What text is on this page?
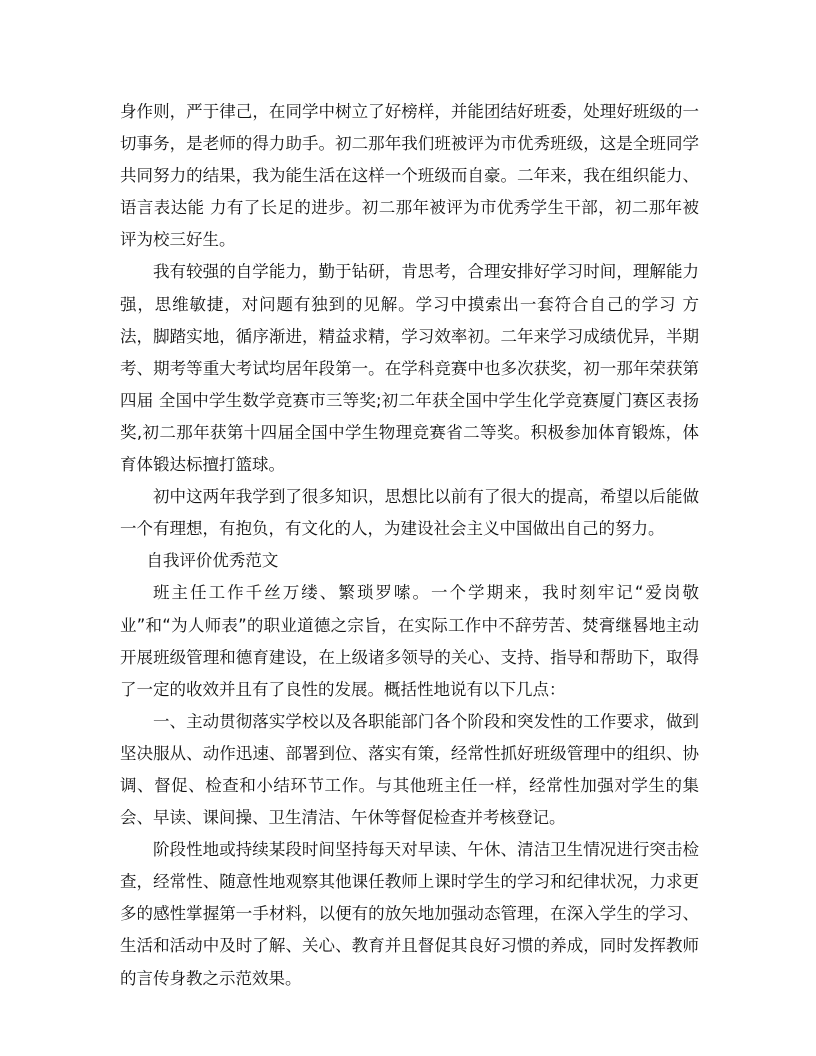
身作则，严于律己，在同学中树立了好榜样，并能团结好班委，处理好班级的一切事务，是老师的得力助手。初二那年我们班被评为市优秀班级，这是全班同学共同努力的结果，我为能生活在这样一个班级而自豪。二年来，我在组织能力、语言表达能 力有了长足的进步。初二那年被评为市优秀学生干部，初二那年被评为校三好生。

我有较强的自学能力，勤于钻研，肯思考，合理安排好学习时间，理解能力强，思维敏捷，对问题有独到的见解。学习中摸索出一套符合自己的学习 方法，脚踏实地，循序渐进，精益求精，学习效率初。二年来学习成绩优异，半期考、期考等重大考试均居年段第一。在学科竞赛中也多次获奖，初一那年荣获第四届 全国中学生数学竞赛市三等奖;初二年获全国中学生化学竞赛厦门赛区表扬奖,初二那年获第十四届全国中学生物理竞赛省二等奖。积极参加体育锻炼，体育体锻达标擅打篮球。

初中这两年我学到了很多知识，思想比以前有了很大的提高，希望以后能做一个有理想，有抱负，有文化的人，为建设社会主义中国做出自己的努力。

自我评价优秀范文

班主任工作千丝万缕、繁琐罗嗦。一个学期来，我时刻牢记“爱岗敬业”和“为人师表”的职业道德之宗旨，在实际工作中不辞劳苦、焚膏继晷地主动开展班级管理和德育建设，在上级诸多领导的关心、支持、指导和帮助下，取得了一定的收效并且有了良性的发展。概括性地说有以下几点：

一、主动贯彻落实学校以及各职能部门各个阶段和突发性的工作要求，做到坚决服从、动作迅速、部署到位、落实有策，经常性抓好班级管理中的组织、协调、督促、检查和小结环节工作。与其他班主任一样，经常性加强对学生的集会、早读、课间操、卫生清洁、午休等督促检查并考核登记。

阶段性地或持续某段时间坚持每天对早读、午休、清洁卫生情况进行突击检查，经常性、随意性地观察其他课任教师上课时学生的学习和纪律状况，力求更多的感性掌握第一手材料，以便有的放矢地加强动态管理，在深入学生的学习、生活和活动中及时了解、关心、教育并且督促其良好习惯的养成，同时发挥教师的言传身教之示范效果。
